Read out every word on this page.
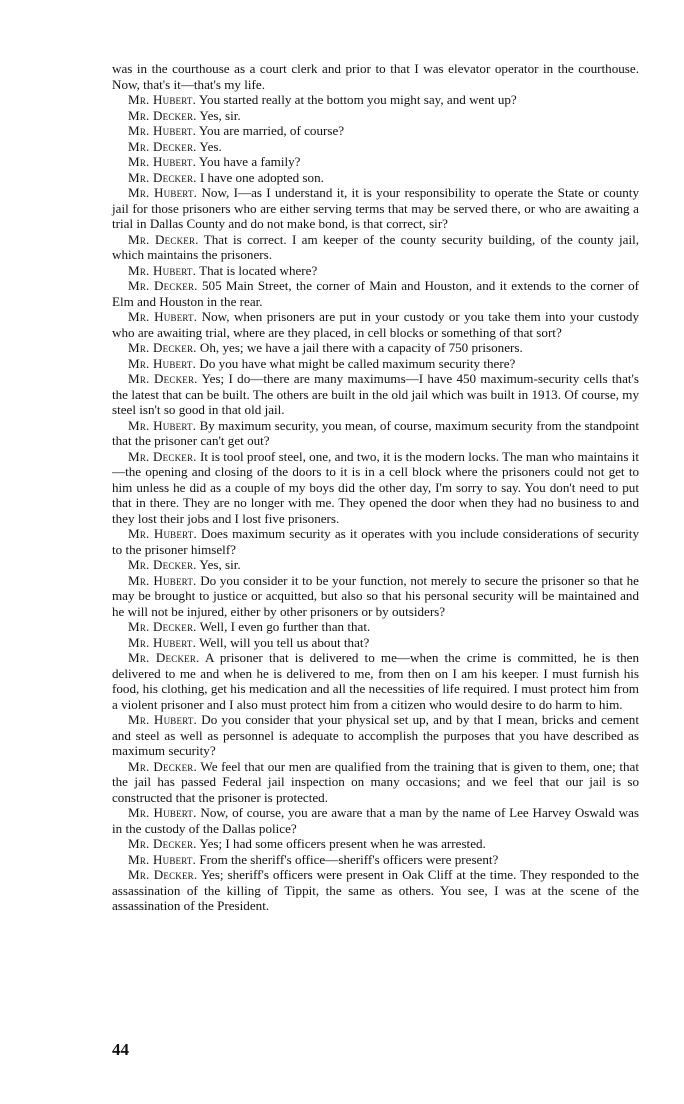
was in the courthouse as a court clerk and prior to that I was elevator operator in the courthouse. Now, that's it—that's my life.

Mr. Hubert. You started really at the bottom you might say, and went up?

Mr. Decker. Yes, sir.

Mr. Hubert. You are married, of course?

Mr. Decker. Yes.

Mr. Hubert. You have a family?

Mr. Decker. I have one adopted son.

Mr. Hubert. Now, I—as I understand it, it is your responsibility to operate the State or county jail for those prisoners who are either serving terms that may be served there, or who are awaiting a trial in Dallas County and do not make bond, is that correct, sir?

Mr. Decker. That is correct. I am keeper of the county security building, of the county jail, which maintains the prisoners.

Mr. Hubert. That is located where?

Mr. Decker. 505 Main Street, the corner of Main and Houston, and it extends to the corner of Elm and Houston in the rear.

Mr. Hubert. Now, when prisoners are put in your custody or you take them into your custody who are awaiting trial, where are they placed, in cell blocks or something of that sort?

Mr. Decker. Oh, yes; we have a jail there with a capacity of 750 prisoners.

Mr. Hubert. Do you have what might be called maximum security there?

Mr. Decker. Yes; I do—there are many maximums—I have 450 maximum-security cells that's the latest that can be built. The others are built in the old jail which was built in 1913. Of course, my steel isn't so good in that old jail.

Mr. Hubert. By maximum security, you mean, of course, maximum security from the standpoint that the prisoner can't get out?

Mr. Decker. It is tool proof steel, one, and two, it is the modern locks. The man who maintains it—the opening and closing of the doors to it is in a cell block where the prisoners could not get to him unless he did as a couple of my boys did the other day, I'm sorry to say. You don't need to put that in there. They are no longer with me. They opened the door when they had no business to and they lost their jobs and I lost five prisoners.

Mr. Hubert. Does maximum security as it operates with you include considerations of security to the prisoner himself?

Mr. Decker. Yes, sir.

Mr. Hubert. Do you consider it to be your function, not merely to secure the prisoner so that he may be brought to justice or acquitted, but also so that his personal security will be maintained and he will not be injured, either by other prisoners or by outsiders?

Mr. Decker. Well, I even go further than that.

Mr. Hubert. Well, will you tell us about that?

Mr. Decker. A prisoner that is delivered to me—when the crime is committed, he is then delivered to me and when he is delivered to me, from then on I am his keeper. I must furnish his food, his clothing, get his medication and all the necessities of life required. I must protect him from a violent prisoner and I also must protect him from a citizen who would desire to do harm to him.

Mr. Hubert. Do you consider that your physical set up, and by that I mean, bricks and cement and steel as well as personnel is adequate to accomplish the purposes that you have described as maximum security?

Mr. Decker. We feel that our men are qualified from the training that is given to them, one; that the jail has passed Federal jail inspection on many occasions; and we feel that our jail is so constructed that the prisoner is protected.

Mr. Hubert. Now, of course, you are aware that a man by the name of Lee Harvey Oswald was in the custody of the Dallas police?

Mr. Decker. Yes; I had some officers present when he was arrested.

Mr. Hubert. From the sheriff's office—sheriff's officers were present?

Mr. Decker. Yes; sheriff's officers were present in Oak Cliff at the time. They responded to the assassination of the killing of Tippit, the same as others. You see, I was at the scene of the assassination of the President.

44
